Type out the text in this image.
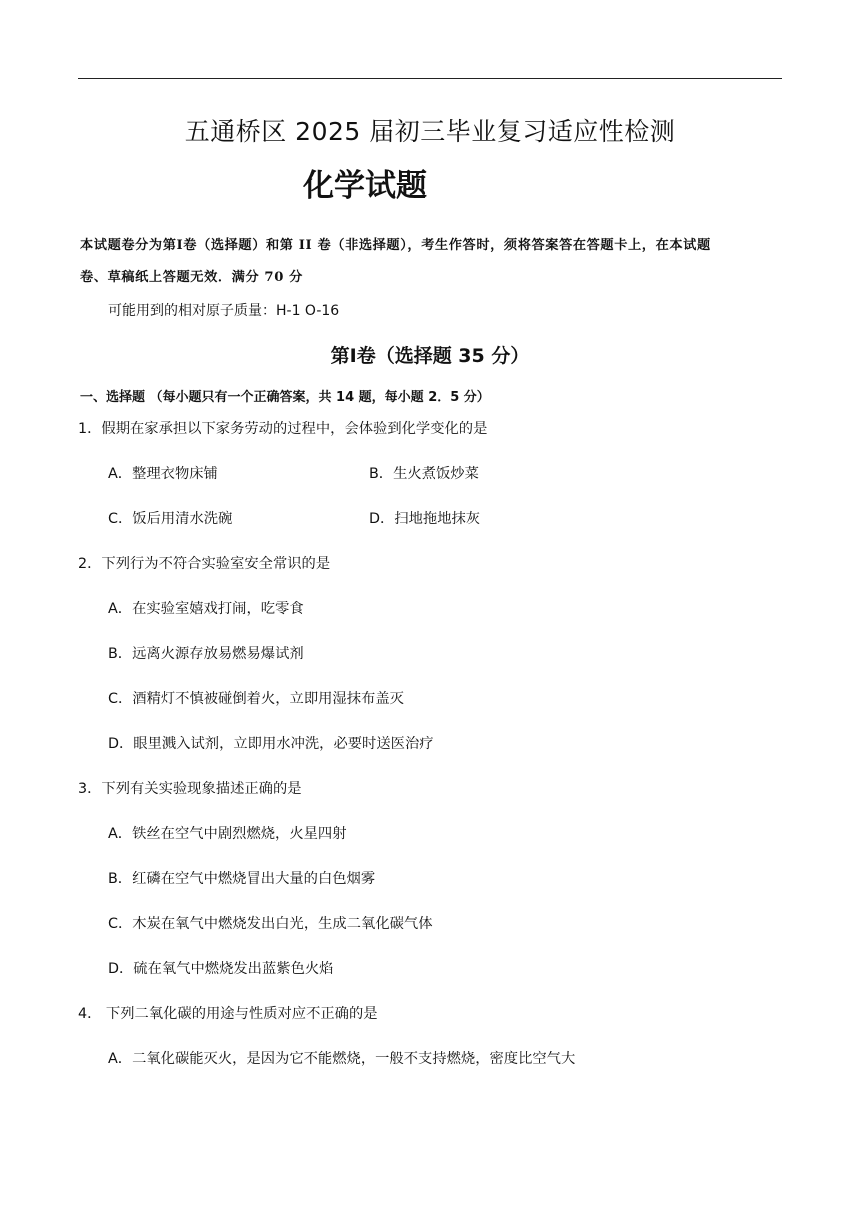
五通桥区 2025 届初三毕业复习适应性检测
化学试题
本试题卷分为第Ⅰ卷（选择题）和第 II 卷（非选择题），考生作答时，须将答案答在答题卡上，在本试题
卷、草稿纸上答题无效．满分 70 分
可能用到的相对原子质量：H-1 O-16
第Ⅰ卷（选择题 35 分）
一、选择题 （每小题只有一个正确答案，共 14 题，每小题 2．5 分）
1．假期在家承担以下家务劳动的过程中，会体验到化学变化的是
A．整理衣物床铺	B．生火煮饭炒菜
C．饭后用清水洗碗	D．扫地拖地抹灰
2．下列行为不符合实验室安全常识的是
A．在实验室嬉戏打闹，吃零食
B．远离火源存放易燃易爆试剂
C．酒精灯不慎被碰倒着火，立即用湿抹布盖灭
D．眼里溅入试剂，立即用水冲洗，必要时送医治疗
3．下列有关实验现象描述正确的是
A．铁丝在空气中剧烈燃烧，火星四射
B．红磷在空气中燃烧冒出大量的白色烟雾
C．木炭在氧气中燃烧发出白光，生成二氧化碳气体
D．硫在氧气中燃烧发出蓝紫色火焰
4． 下列二氧化碳的用途与性质对应不正确的是
A．二氧化碳能灭火，是因为它不能燃烧，一般不支持燃烧，密度比空气大
